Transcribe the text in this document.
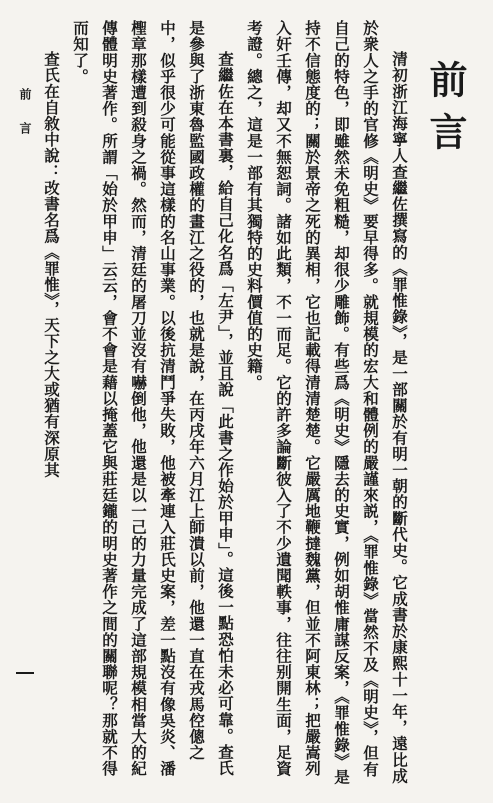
前言
前言	清初浙江海寧人查繼佐撰寫的《罪惟錄》，是一部關於有明一朝的斷代史。它成書於康熙十一年，遠比成於衆人之手的官修《明史》要早得多。就規模的宏大和體例的嚴謹來説，《罪惟錄》當然不及《明史》，但有自己的特色，即雖然未免粗糙，却很少雕飾。有些爲《明史》隱去的史實，例如胡惟庸謀反案，《罪惟錄》是持不信態度的；關於景帝之死的異相，它也記載得清清楚楚。它嚴厲地鞭撻魏黨，但並不阿東林；把嚴嵩列入奸壬傳，却又不無恕詞。諸如此類，不一而足。它的許多論斷彼入了不少遺聞軼事，往往别開生面，足資考證。總之，這是一部有其獨特的史料價值的史籍。

查繼佐在本書裏，給自己化名爲「左尹」，並且說「此書之作始於甲申」。這後一點恐怕未必可靠。查氏是參與了浙東魯監國政權的畫江之役的，也就是說，在丙戌年六月江上師潰以前，他還一直在戎馬倥傯之中，似乎很少可能從事這樣的名山事業。以後抗清鬥爭失敗，他被牽連入莊氏史案，差一點沒有像吳炎、潘檉章那樣遭到殺身之禍。然而，清廷的屠刀並沒有嚇倒他，他還是以一己的力量完成了這部規模相當大的紀傳體明史著作。所謂「始於甲申」云云，會不會是藉以掩蓋它與莊廷鑨的明史著作之間的關聯呢？那就不得而知了。

查氏在自敘中說：改書名爲《罪惟》，天下之大或猶有深原其
